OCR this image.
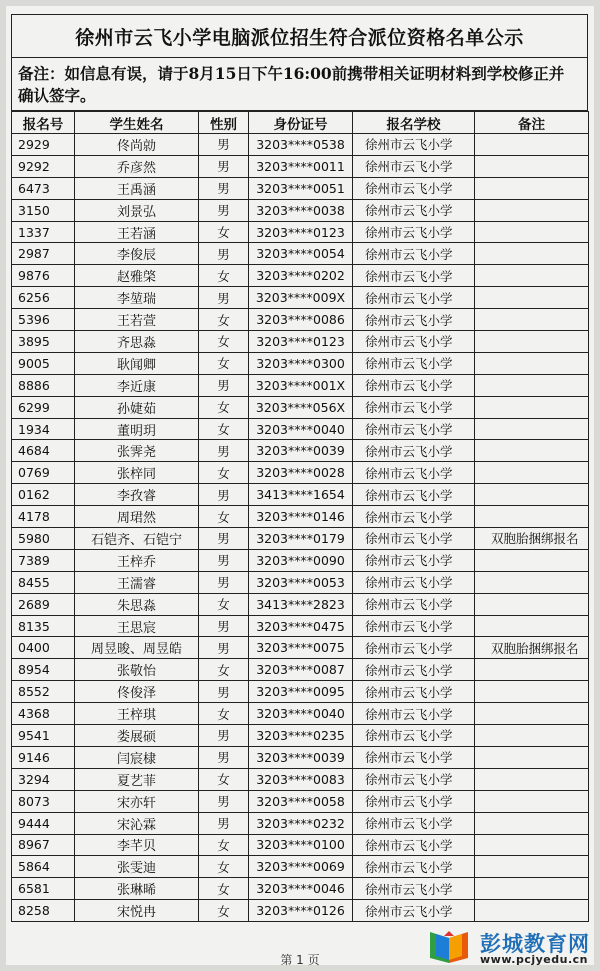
徐州市云飞小学电脑派位招生符合派位资格名单公示
备注：如信息有误，请于8月15日下午16:00前携带相关证明材料到学校修正并确认签字。
报名号	学生姓名	性别	身份证号	报名学校	备注
2929	佟尚勍	男	3203****0538	徐州市云飞小学	
9292	乔彦然	男	3203****0011	徐州市云飞小学	
6473	王禹涵	男	3203****0051	徐州市云飞小学	
3150	刘景弘	男	3203****0038	徐州市云飞小学	
1337	王若涵	女	3203****0123	徐州市云飞小学	
2987	李俊辰	男	3203****0054	徐州市云飞小学	
9876	赵雅棨	女	3203****0202	徐州市云飞小学	
6256	李堃瑞	男	3203****009X	徐州市云飞小学	
5396	王若萱	女	3203****0086	徐州市云飞小学	
3895	齐思淼	女	3203****0123	徐州市云飞小学	
9005	耿闻卿	女	3203****0300	徐州市云飞小学	
8886	李近康	男	3203****001X	徐州市云飞小学	
6299	孙婕茹	女	3203****056X	徐州市云飞小学	
1934	董明玥	女	3203****0040	徐州市云飞小学	
4684	张霁尧	男	3203****0039	徐州市云飞小学	
0769	张梓同	女	3203****0028	徐州市云飞小学	
0162	李孜睿	男	3413****1654	徐州市云飞小学	
4178	周珺然	女	3203****0146	徐州市云飞小学	
5980	石铠齐、石铠宁	男	3203****0179	徐州市云飞小学	双胞胎捆绑报名
7389	王梓乔	男	3203****0090	徐州市云飞小学	
8455	王濡睿	男	3203****0053	徐州市云飞小学	
2689	朱思淼	女	3413****2823	徐州市云飞小学	
8135	王思宸	男	3203****0475	徐州市云飞小学	
0400	周昱晙、周昱皓	男	3203****0075	徐州市云飞小学	双胞胎捆绑报名
8954	张敬怡	女	3203****0087	徐州市云飞小学	
8552	佟俊泽	男	3203****0095	徐州市云飞小学	
4368	王梓琪	女	3203****0040	徐州市云飞小学	
9541	娄展硕	男	3203****0235	徐州市云飞小学	
9146	闫宸棣	男	3203****0039	徐州市云飞小学	
3294	夏艺菲	女	3203****0083	徐州市云飞小学	
8073	宋亦轩	男	3203****0058	徐州市云飞小学	
9444	宋沁霖	男	3203****0232	徐州市云飞小学	
8967	李芊贝	女	3203****0100	徐州市云飞小学	
5864	张雯迪	女	3203****0069	徐州市云飞小学	
6581	张琳晞	女	3203****0046	徐州市云飞小学	
8258	宋悦冉	女	3203****0126	徐州市云飞小学	
第 1 页
彭城教育网
www.pcjyedu.cn
